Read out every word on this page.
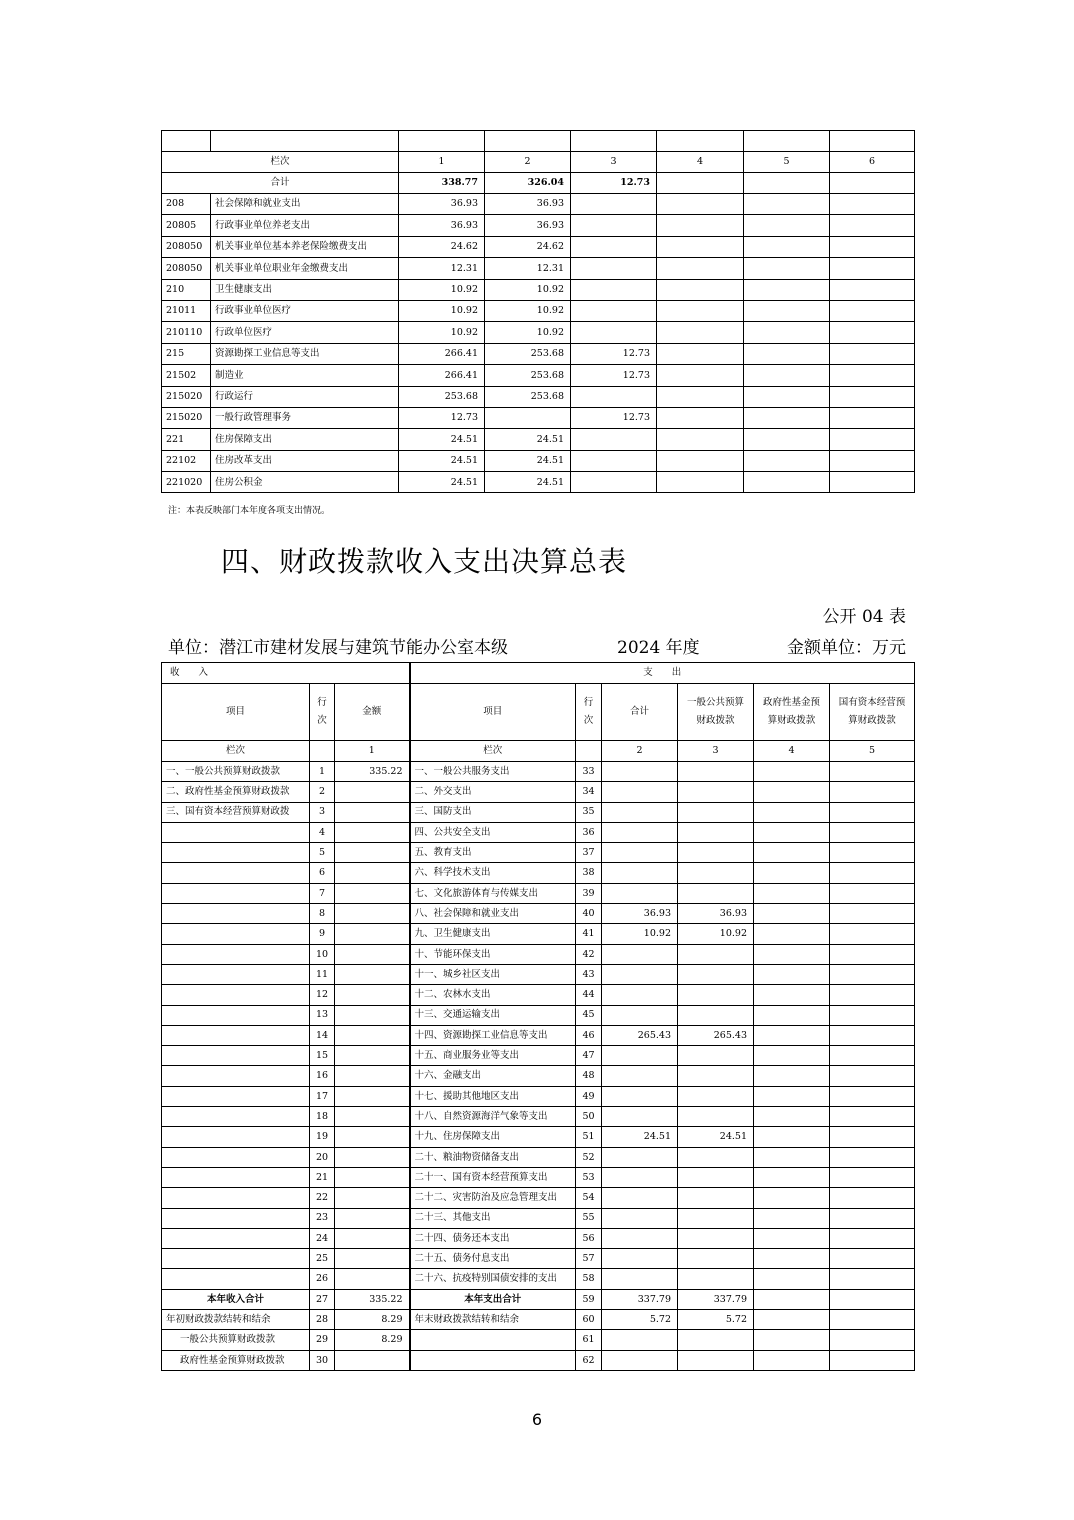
栏次		1	2	3	4	5	6
合计		338.77	326.04	12.73			
208	社会保障和就业支出	36.93	36.93				
20805	行政事业单位养老支出	36.93	36.93				
208050	机关事业单位基本养老保险缴费支出	24.62	24.62				
208050	机关事业单位职业年金缴费支出	12.31	12.31				
210	卫生健康支出	10.92	10.92				
21011	行政事业单位医疗	10.92	10.92				
210110	行政单位医疗	10.92	10.92				
215	资源勘探工业信息等支出	266.41	253.68	12.73			
21502	制造业	266.41	253.68	12.73			
215020	行政运行	253.68	253.68				
215020	一般行政管理事务	12.73		12.73			
221	住房保障支出	24.51	24.51				
22102	住房改革支出	24.51	24.51				
221020	住房公积金	24.51	24.51				
注：本表反映部门本年度各项支出情况。
四、财政拨款收入支出决算总表
公开 04 表
单位：潜江市建材发展与建筑节能办公室本级	2024 年度	金额单位：万元
收　　入			支　　出					
项目	行次	金额	项目	行次	合计	一般公共预算财政拨款	政府性基金预算财政拨款	国有资本经营预算财政拨款
栏次		1	栏次		2	3	4	5
一、一般公共预算财政拨款	1	335.22	一、一般公共服务支出	33				
二、政府性基金预算财政拨款	2		二、外交支出	34				
三、国有资本经营预算财政拨	3		三、国防支出	35				
	4		四、公共安全支出	36				
	5		五、教育支出	37				
	6		六、科学技术支出	38				
	7		七、文化旅游体育与传媒支出	39				
	8		八、社会保障和就业支出	40	36.93	36.93		
	9		九、卫生健康支出	41	10.92	10.92		
	10		十、节能环保支出	42				
	11		十一、城乡社区支出	43				
	12		十二、农林水支出	44				
	13		十三、交通运输支出	45				
	14		十四、资源勘探工业信息等支出	46	265.43	265.43		
	15		十五、商业服务业等支出	47				
	16		十六、金融支出	48				
	17		十七、援助其他地区支出	49				
	18		十八、自然资源海洋气象等支出	50				
	19		十九、住房保障支出	51	24.51	24.51		
	20		二十、粮油物资储备支出	52				
	21		二十一、国有资本经营预算支出	53				
	22		二十二、灾害防治及应急管理支出	54				
	23		二十三、其他支出	55				
	24		二十四、债务还本支出	56				
	25		二十五、债务付息支出	57				
	26		二十六、抗疫特别国债安排的支出	58				
本年收入合计	27	335.22	本年支出合计	59	337.79	337.79		
年初财政拨款结转和结余	28	8.29	年末财政拨款结转和结余	60	5.72	5.72		
一般公共预算财政拨款	29	8.29		61				
政府性基金预算财政拨款	30			62				
6
